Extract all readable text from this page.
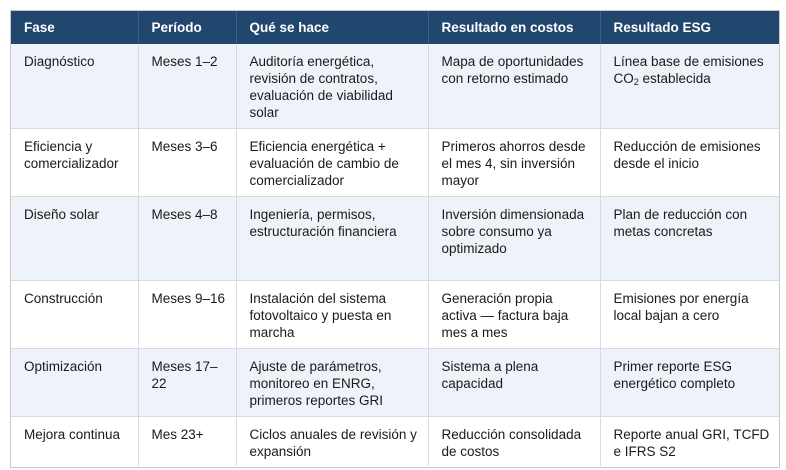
Fase	Período	Qué se hace	Resultado en costos	Resultado ESG
Diagnóstico	Meses 1–2	Auditoría energética, revisión de contratos, evaluación de viabilidad solar	Mapa de oportunidades con retorno estimado	Línea base de emisiones $CO_2$ establecida
Eficiencia y comercializador	Meses 3–6	Eficiencia energética + evaluación de cambio de comercializador	Primeros ahorros desde el mes 4, sin inversión mayor	Reducción de emisiones desde el inicio
Diseño solar	Meses 4–8	Ingeniería, permisos, estructuración financiera	Inversión dimensionada sobre consumo ya optimizado	Plan de reducción con metas concretas
Construcción	Meses 9–16	Instalación del sistema fotovoltaico y puesta en marcha	Generación propia activa — factura baja mes a mes	Emisiones por energía local bajan a cero
Optimización	Meses 17–22	Ajuste de parámetros, monitoreo en ENRG, primeros reportes GRI	Sistema a plena capacidad	Primer reporte ESG energético completo
Mejora continua	Mes 23+	Ciclos anuales de revisión y expansión	Reducción consolidada de costos	Reporte anual GRI, TCFD e IFRS S2
